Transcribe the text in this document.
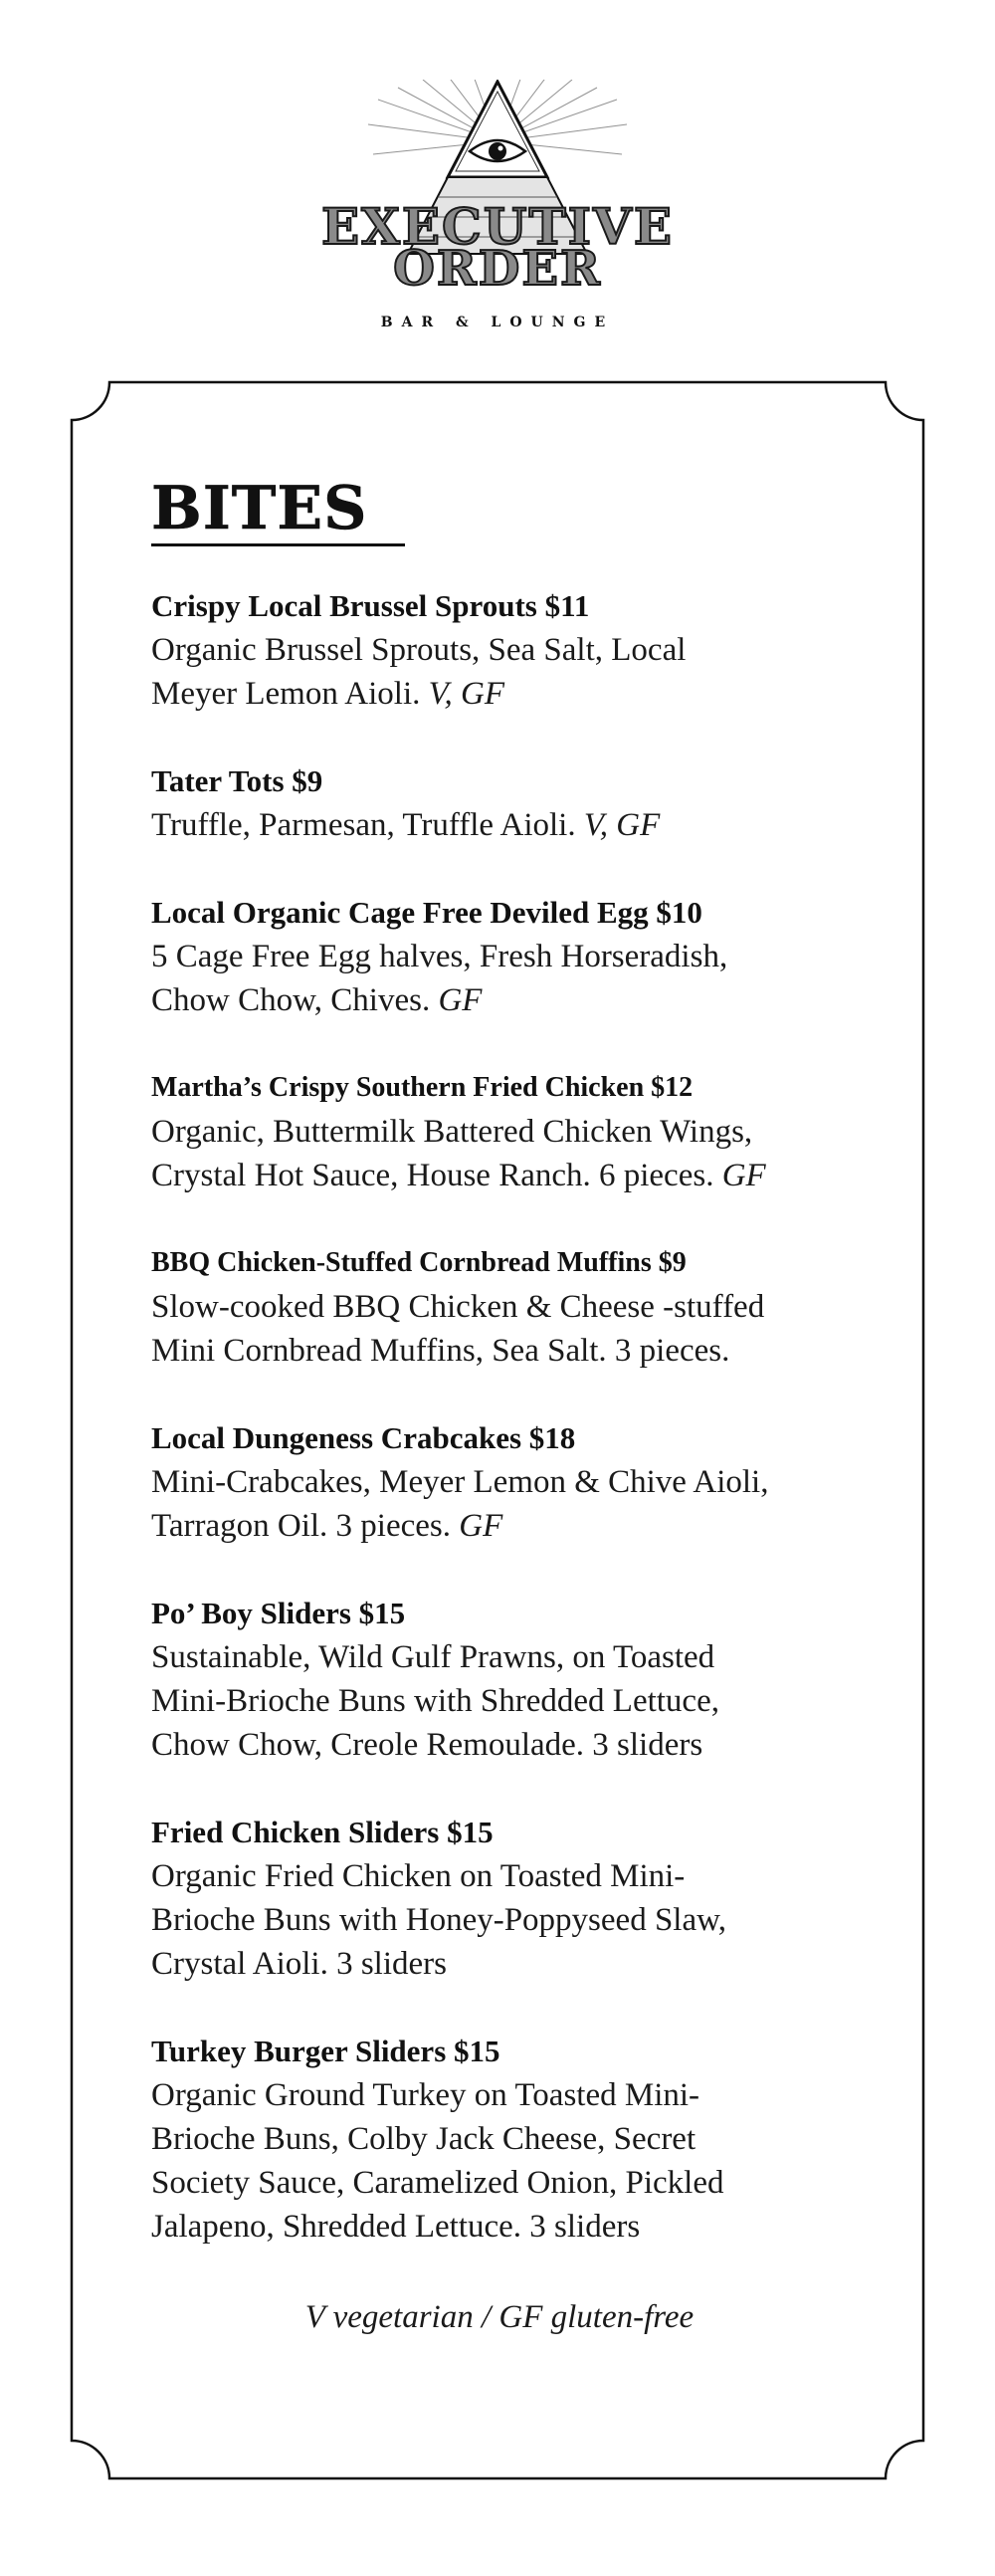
EXECUTIVE
ORDER
BAR & LOUNGE
BITES
Crispy Local Brussel Sprouts $11
Organic Brussel Sprouts, Sea Salt, Local
Meyer Lemon Aioli. V, GF
Tater Tots $9
Truffle, Parmesan, Truffle Aioli. V, GF
Local Organic Cage Free Deviled Egg $10
5 Cage Free Egg halves, Fresh Horseradish,
Chow Chow, Chives. GF
Martha’s Crispy Southern Fried Chicken $12
Organic, Buttermilk Battered Chicken Wings,
Crystal Hot Sauce, House Ranch. 6 pieces. GF
BBQ Chicken-Stuffed Cornbread Muffins $9
Slow-cooked BBQ Chicken & Cheese -stuffed
Mini Cornbread Muffins, Sea Salt. 3 pieces.
Local Dungeness Crabcakes $18
Mini-Crabcakes, Meyer Lemon & Chive Aioli,
Tarragon Oil. 3 pieces. GF
Po’ Boy Sliders $15
Sustainable, Wild Gulf Prawns, on Toasted
Mini-Brioche Buns with Shredded Lettuce,
Chow Chow, Creole Remoulade. 3 sliders
Fried Chicken Sliders $15
Organic Fried Chicken on Toasted Mini-
Brioche Buns with Honey-Poppyseed Slaw,
Crystal Aioli. 3 sliders
Turkey Burger Sliders $15
Organic Ground Turkey on Toasted Mini-
Brioche Buns, Colby Jack Cheese, Secret
Society Sauce, Caramelized Onion, Pickled
Jalapeno, Shredded Lettuce. 3 sliders
V vegetarian / GF gluten-free
